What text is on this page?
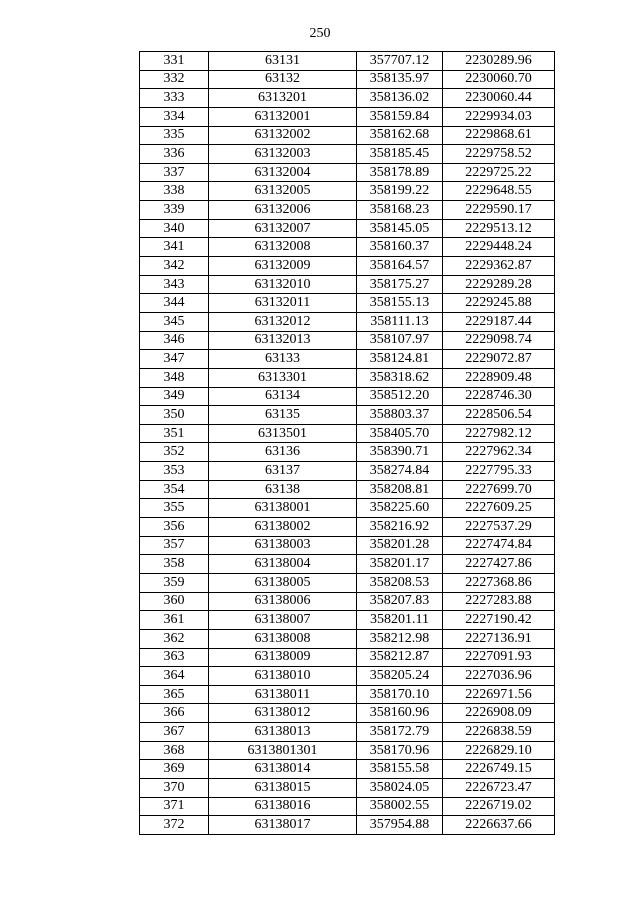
250
331	63131	357707.12	2230289.96
332	63132	358135.97	2230060.70
333	6313201	358136.02	2230060.44
334	63132001	358159.84	2229934.03
335	63132002	358162.68	2229868.61
336	63132003	358185.45	2229758.52
337	63132004	358178.89	2229725.22
338	63132005	358199.22	2229648.55
339	63132006	358168.23	2229590.17
340	63132007	358145.05	2229513.12
341	63132008	358160.37	2229448.24
342	63132009	358164.57	2229362.87
343	63132010	358175.27	2229289.28
344	63132011	358155.13	2229245.88
345	63132012	358111.13	2229187.44
346	63132013	358107.97	2229098.74
347	63133	358124.81	2229072.87
348	6313301	358318.62	2228909.48
349	63134	358512.20	2228746.30
350	63135	358803.37	2228506.54
351	6313501	358405.70	2227982.12
352	63136	358390.71	2227962.34
353	63137	358274.84	2227795.33
354	63138	358208.81	2227699.70
355	63138001	358225.60	2227609.25
356	63138002	358216.92	2227537.29
357	63138003	358201.28	2227474.84
358	63138004	358201.17	2227427.86
359	63138005	358208.53	2227368.86
360	63138006	358207.83	2227283.88
361	63138007	358201.11	2227190.42
362	63138008	358212.98	2227136.91
363	63138009	358212.87	2227091.93
364	63138010	358205.24	2227036.96
365	63138011	358170.10	2226971.56
366	63138012	358160.96	2226908.09
367	63138013	358172.79	2226838.59
368	6313801301	358170.96	2226829.10
369	63138014	358155.58	2226749.15
370	63138015	358024.05	2226723.47
371	63138016	358002.55	2226719.02
372	63138017	357954.88	2226637.66
